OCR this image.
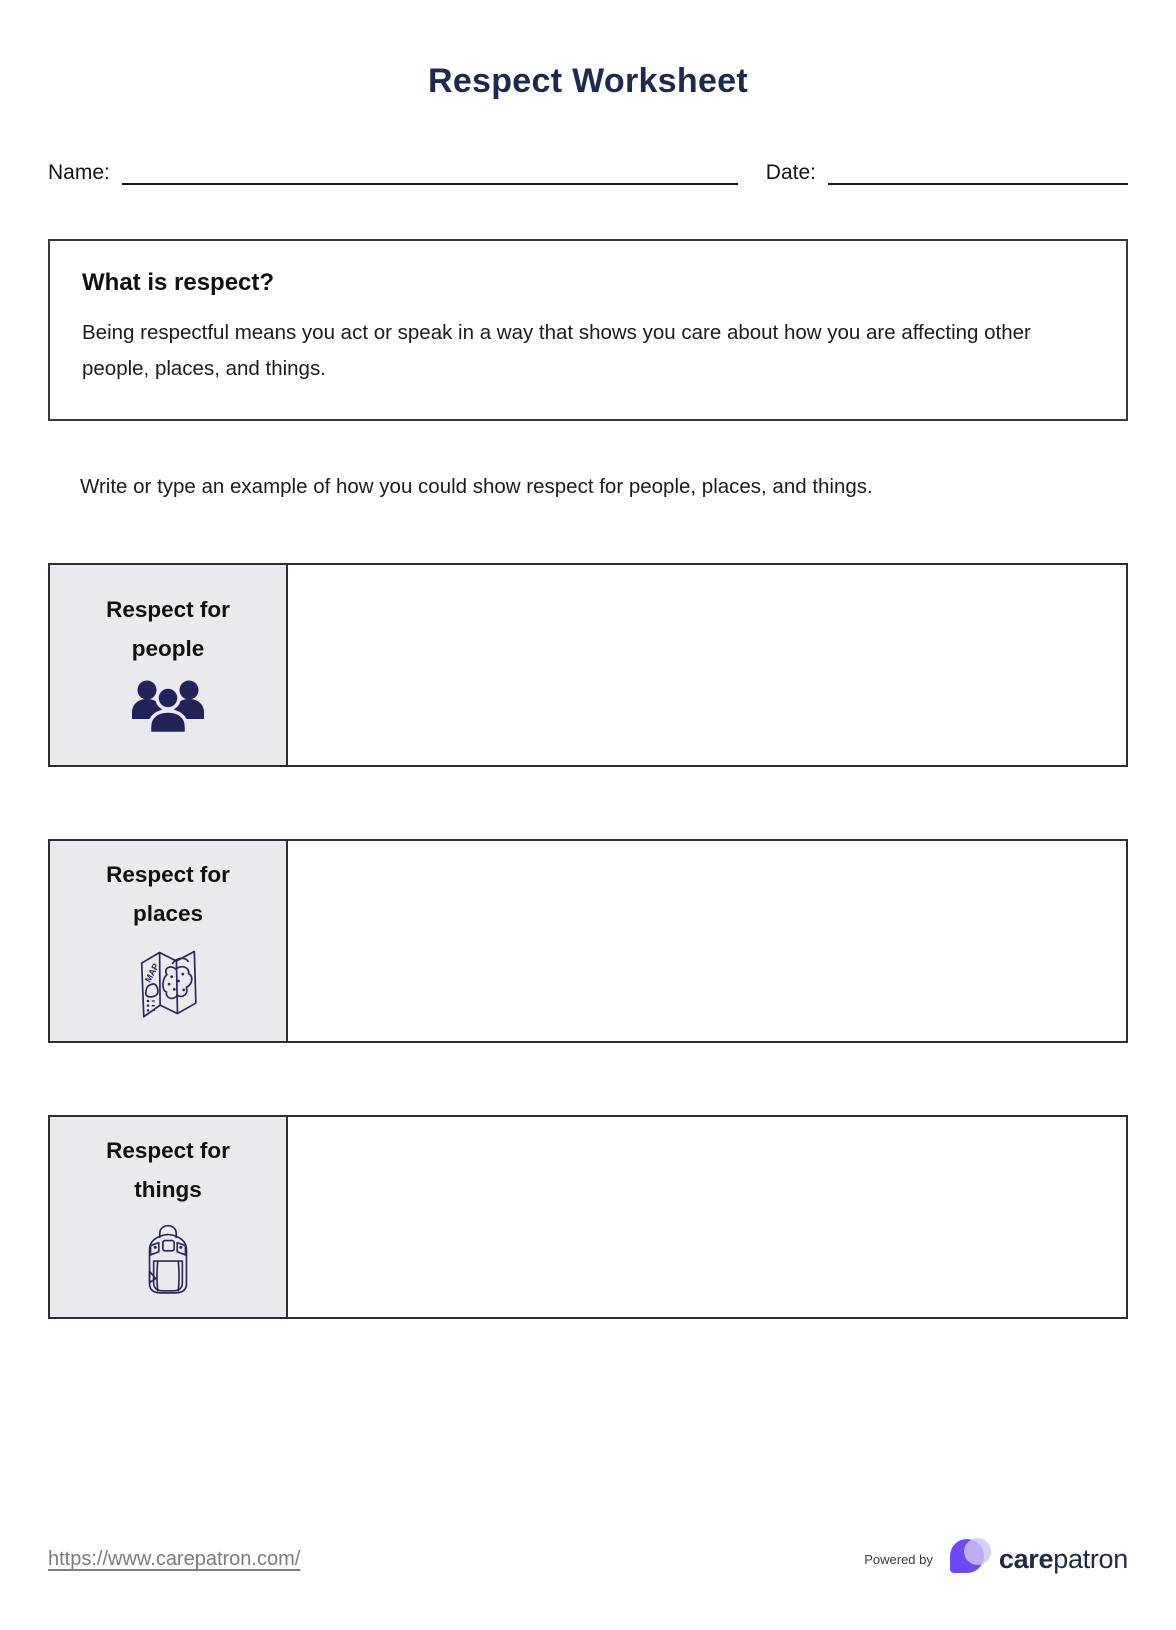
Respect Worksheet
Name:	Date:
What is respect?

Being respectful means you act or speak in a way that shows you care about how you are affecting other people, places, and things.

Write or type an example of how you could show respect for people, places, and things.

Respect for
people
Respect for
places
MAP
Respect for
things
https://www.carepatron.com/	Powered by carepatron
